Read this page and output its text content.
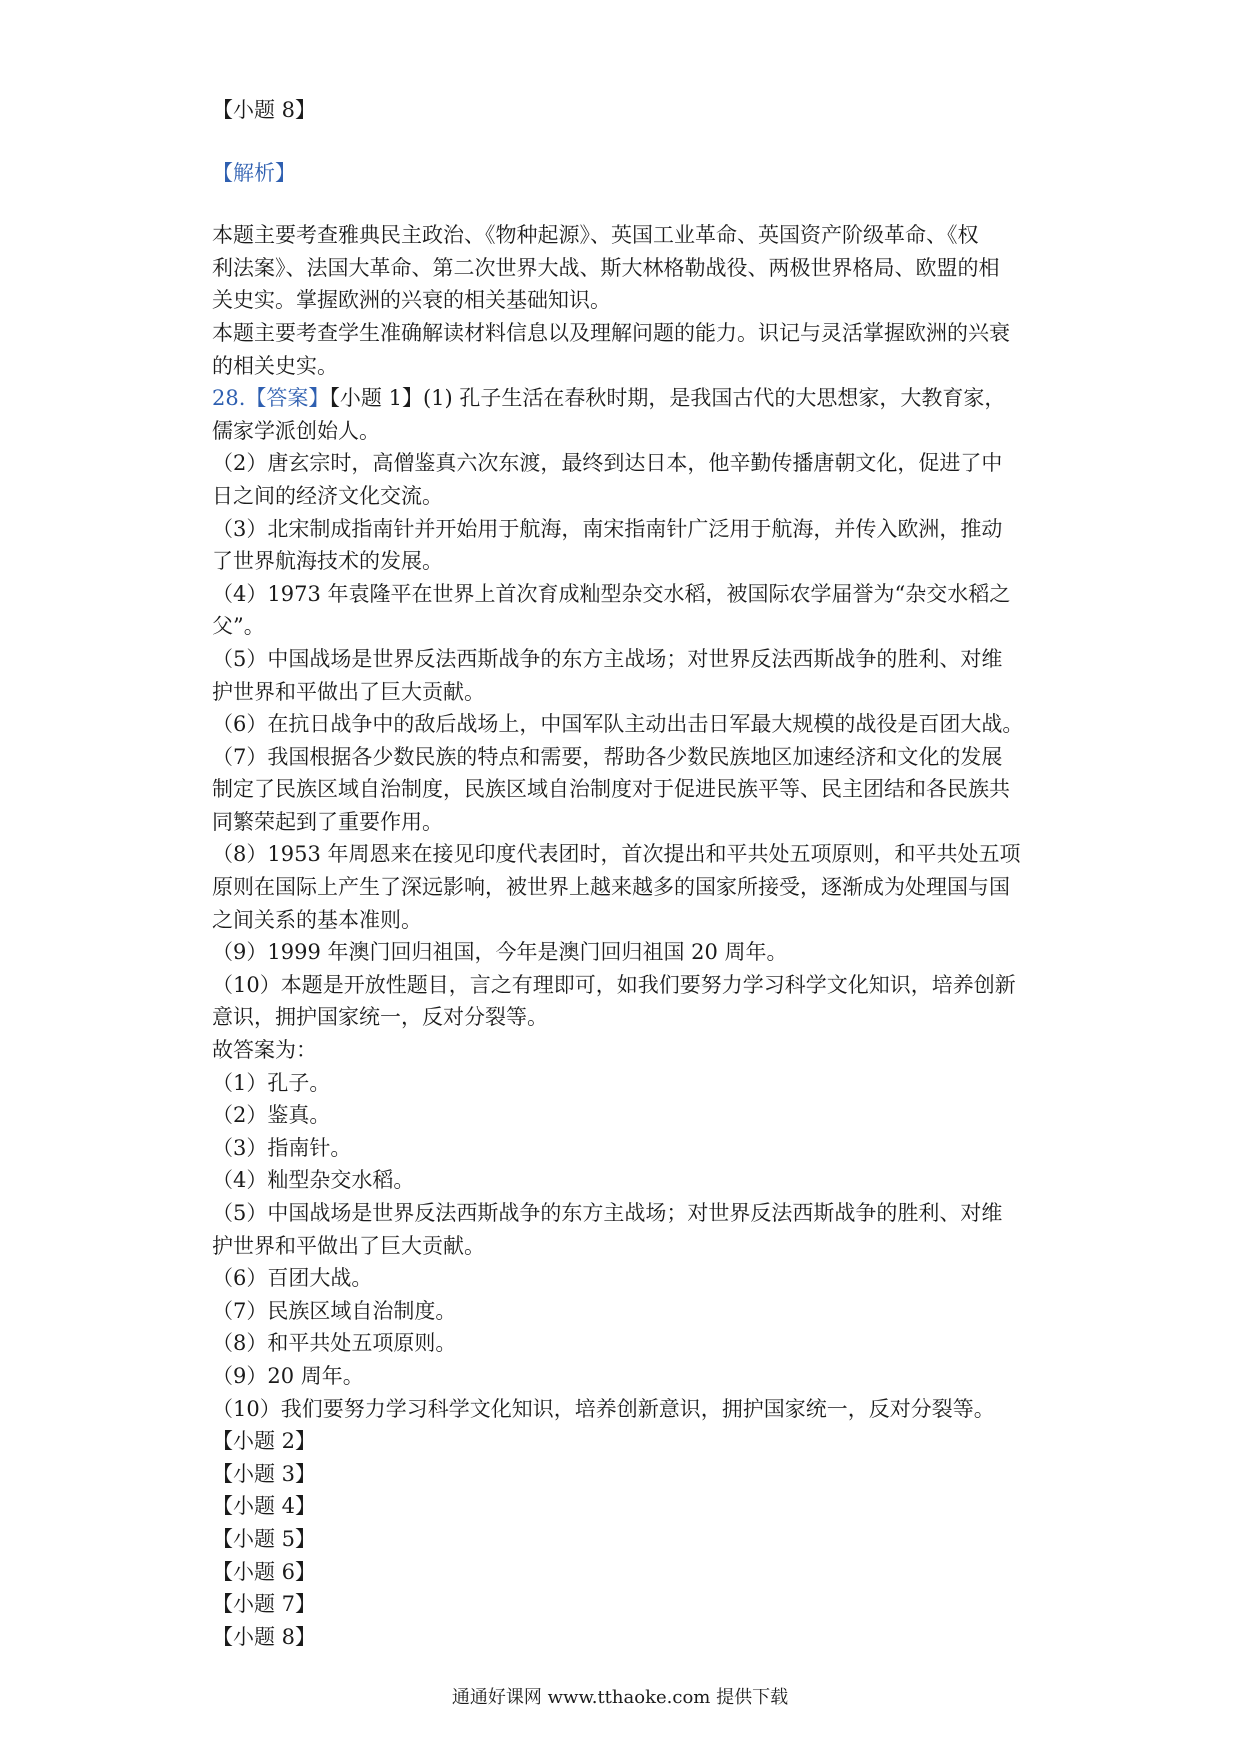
【小题 8】
【解析】
本题主要考查雅典民主政治、《物种起源》、英国工业革命、英国资产阶级革命、《权
利法案》、法国大革命、第二次世界大战、斯大林格勒战役、两极世界格局、欧盟的相
关史实。掌握欧洲的兴衰的相关基础知识。
本题主要考查学生准确解读材料信息以及理解问题的能力。识记与灵活掌握欧洲的兴衰
的相关史实。
28.【答案】【小题 1】(1) 孔子生活在春秋时期，是我国古代的大思想家，大教育家，
儒家学派创始人。
（2）唐玄宗时，高僧鉴真六次东渡，最终到达日本，他辛勤传播唐朝文化，促进了中
日之间的经济文化交流。
（3）北宋制成指南针并开始用于航海，南宋指南针广泛用于航海，并传入欧洲，推动
了世界航海技术的发展。
（4）1973 年袁隆平在世界上首次育成籼型杂交水稻，被国际农学届誉为“杂交水稻之
父”。
（5）中国战场是世界反法西斯战争的东方主战场；对世界反法西斯战争的胜利、对维
护世界和平做出了巨大贡献。
（6）在抗日战争中的敌后战场上，中国军队主动出击日军最大规模的战役是百团大战。
（7）我国根据各少数民族的特点和需要，帮助各少数民族地区加速经济和文化的发展
制定了民族区域自治制度，民族区域自治制度对于促进民族平等、民主团结和各民族共
同繁荣起到了重要作用。
（8）1953 年周恩来在接见印度代表团时，首次提出和平共处五项原则，和平共处五项
原则在国际上产生了深远影响，被世界上越来越多的国家所接受，逐渐成为处理国与国
之间关系的基本准则。
（9）1999 年澳门回归祖国，今年是澳门回归祖国 20 周年。
（10）本题是开放性题目，言之有理即可，如我们要努力学习科学文化知识，培养创新
意识，拥护国家统一，反对分裂等。
故答案为：
（1）孔子。
（2）鉴真。
（3）指南针。
（4）籼型杂交水稻。
（5）中国战场是世界反法西斯战争的东方主战场；对世界反法西斯战争的胜利、对维
护世界和平做出了巨大贡献。
（6）百团大战。
（7）民族区域自治制度。
（8）和平共处五项原则。
（9）20 周年。
（10）我们要努力学习科学文化知识，培养创新意识，拥护国家统一，反对分裂等。
【小题 2】
【小题 3】
【小题 4】
【小题 5】
【小题 6】
【小题 7】
【小题 8】
通通好课网 www.tthaoke.com 提供下载
